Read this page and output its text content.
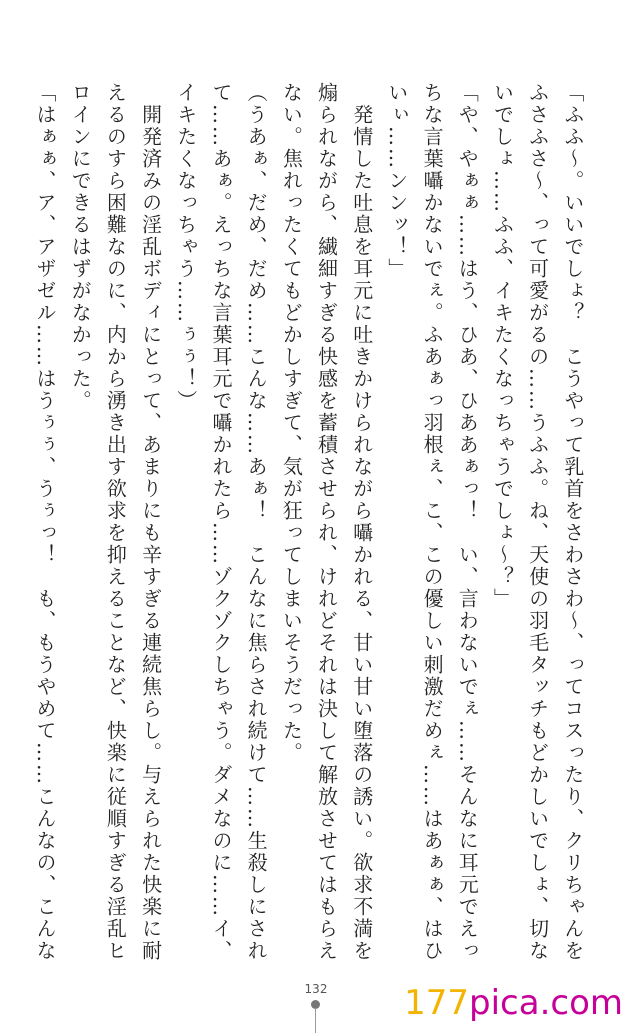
「ふふ〜。いいでしょ？　こうやって乳首をさわさわ〜、ってコスったり、クリちゃんを
ふさふさ〜、って可愛がるの……うふふ。ね、天使の羽毛タッチもどかしいでしょ、切な
いでしょ……ふふ、イキたくなっちゃうでしょ〜？」
「や、やぁぁ……はう、ひあ、ひああぁっ！　い、言わないでぇ……そんなに耳元でえっ
ちな言葉囁かないでぇ。ふあぁっ羽根ぇ、こ、この優しい刺激だめぇ……はあぁぁ、はひ
いぃ……ンンッ！」
　発情した吐息を耳元に吐きかけられながら囁かれる、甘い甘い堕落の誘い。欲求不満を
煽られながら、繊細すぎる快感を蓄積させられ、けれどそれは決して解放させてはもらえ
ない。焦れったくてもどかしすぎて、気が狂ってしまいそうだった。
（うあぁ、だめ、だめ……こんな……あぁ！　こんなに焦らされ続けて……生殺しにされ
て……あぁ。えっちな言葉耳元で囁かれたら……ゾクゾクしちゃう。ダメなのに……イ、
イキたくなっちゃう……ぅぅ！）
　開発済みの淫乱ボディにとって、あまりにも辛すぎる連続焦らし。与えられた快楽に耐
えるのすら困難なのに、内から湧き出す欲求を抑えることなど、快楽に従順すぎる淫乱ヒ
ロインにできるはずがなかった。
「はぁぁ、ア、アザゼル……はうぅぅ、うぅっ！　も、もうやめて……こんなの、こんな
132 177pica.com
